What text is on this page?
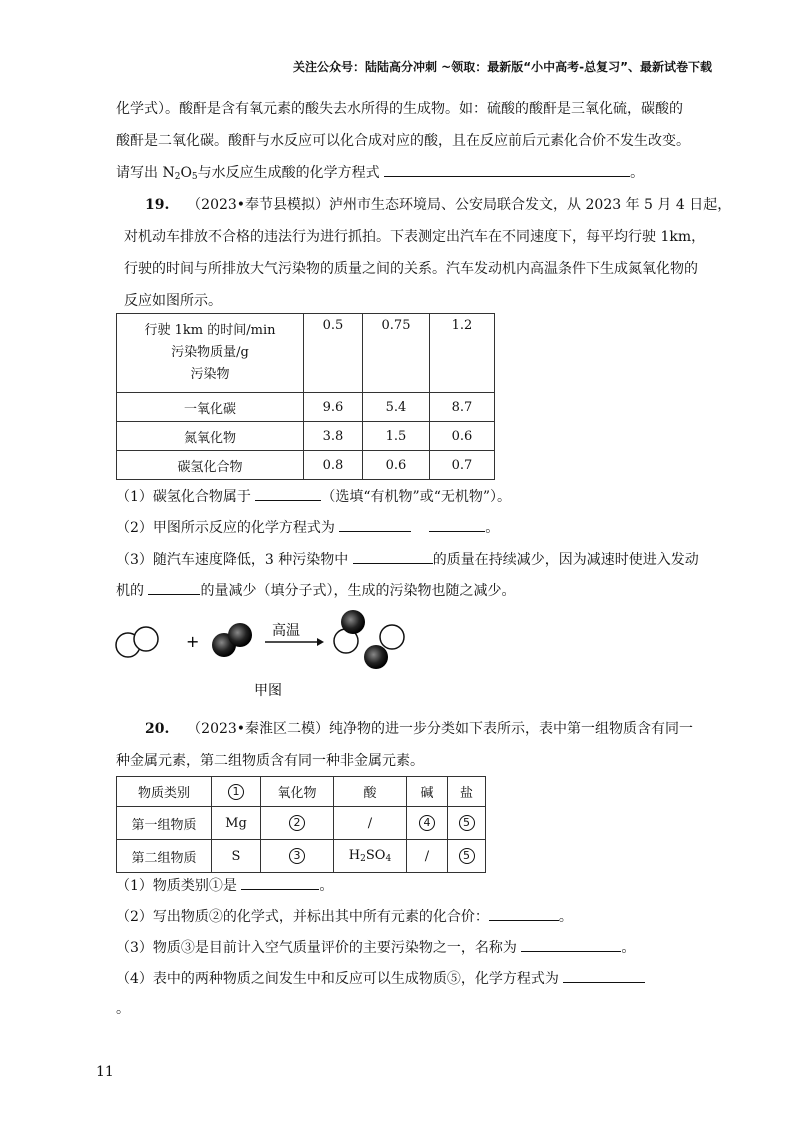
关注公众号：陆陆高分冲刺 ~领取：最新版“小中高考-总复习”、最新试卷下载
化学式）。酸酐是含有氧元素的酸失去水所得的生成物。如：硫酸的酸酐是三氧化硫，碳酸的
酸酐是二氧化碳。酸酐与水反应可以化合成对应的酸，且在反应前后元素化合价不发生改变。
请写出 $N_2O_5$与水反应生成酸的化学方程式	。
19. （2023•奉节县模拟）泸州市生态环境局、公安局联合发文，从 2023 年 5 月 4 日起，
对机动车排放不合格的违法行为进行抓拍。下表测定出汽车在不同速度下，每平均行驶 1km，
行驶的时间与所排放大气污染物的质量之间的关系。汽车发动机内高温条件下生成氮氧化物的
反应如图所示。
行驶 1km 的时间/min
污染物质量/g
污染物	0.5	0.75	1.2
一氧化碳	9.6	5.4	8.7
氮氧化物	3.8	1.5	0.6
碳氢化合物	0.8	0.6	0.7
（1）碳氢化合物属于	（选填“有机物”或“无机物”）。
（2）甲图所示反应的化学方程式为	。
（3）随汽车速度降低，3 种污染物中	的质量在持续减少，因为减速时使进入发动
机的	的量减少（填分子式），生成的污染物也随之减少。
+
高温
甲图
20. （2023•秦淮区二模）纯净物的进一步分类如下表所示，表中第一组物质含有同一
种金属元素，第二组物质含有同一种非金属元素。
物质类别	1	氧化物	酸	碱	盐
第一组物质	Mg	2	/	4	5
第二组物质	S	3	$H_2SO_4$	/	5
（1）物质类别①是	。
（2）写出物质②的化学式，并标出其中所有元素的化合价：	。
（3）物质③是目前计入空气质量评价的主要污染物之一，名称为	。
（4）表中的两种物质之间发生中和反应可以生成物质⑤，化学方程式为
。
11
